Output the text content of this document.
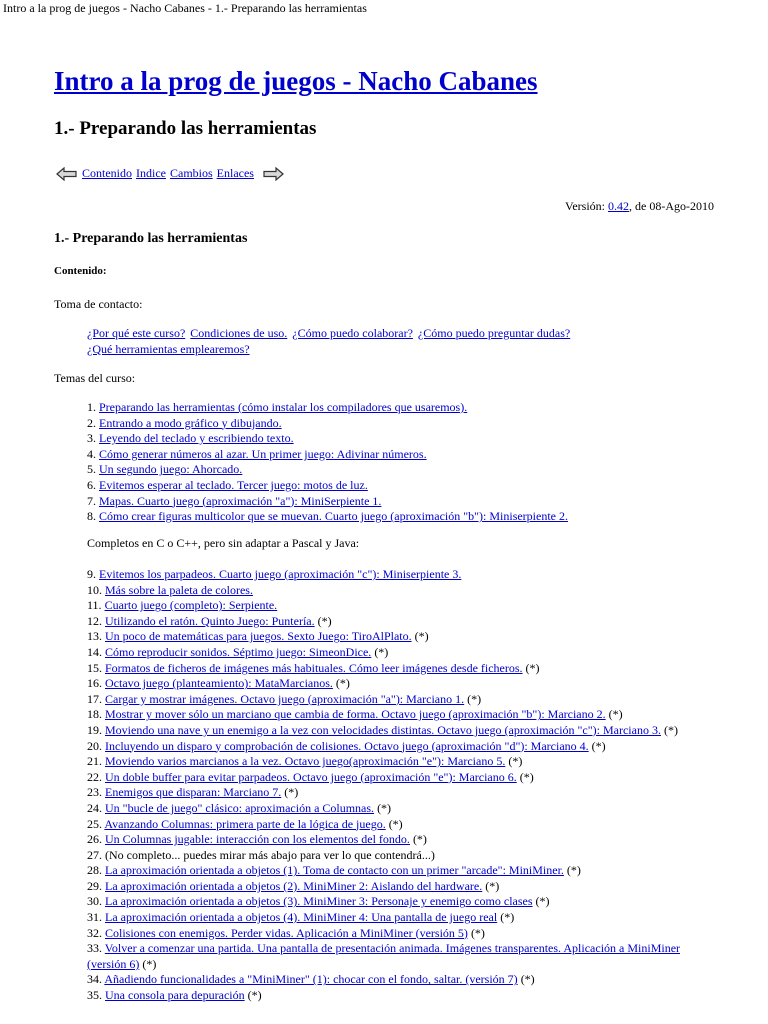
Intro a la prog de juegos - Nacho Cabanes - 1.- Preparando las herramientas
Intro a la prog de juegos - Nacho Cabanes
1.- Preparando las herramientas
Contenido Indice Cambios Enlaces
Versión: 0.42, de 08-Ago-2010
1.- Preparando las herramientas
Contenido:
Toma de contacto:
¿Por qué este curso? Condiciones de uso. ¿Cómo puedo colaborar? ¿Cómo puedo preguntar dudas?
¿Qué herramientas emplearemos?
Temas del curso:
1. Preparando las herramientas (cómo instalar los compiladores que usaremos).
2. Entrando a modo gráfico y dibujando.
3. Leyendo del teclado y escribiendo texto.
4. Cómo generar números al azar. Un primer juego: Adivinar números.
5. Un segundo juego: Ahorcado.
6. Evitemos esperar al teclado. Tercer juego: motos de luz.
7. Mapas. Cuarto juego (aproximación "a"): MiniSerpiente 1.
8. Cómo crear figuras multicolor que se muevan. Cuarto juego (aproximación "b"): Miniserpiente 2.
Completos en C o C++, pero sin adaptar a Pascal y Java:
9. Evitemos los parpadeos. Cuarto juego (aproximación "c"): Miniserpiente 3.
10. Más sobre la paleta de colores.
11. Cuarto juego (completo): Serpiente.
12. Utilizando el ratón. Quinto Juego: Puntería. (*)
13. Un poco de matemáticas para juegos. Sexto Juego: TiroAlPlato. (*)
14. Cómo reproducir sonidos. Séptimo juego: SimeonDice. (*)
15. Formatos de ficheros de imágenes más habituales. Cómo leer imágenes desde ficheros. (*)
16. Octavo juego (planteamiento): MataMarcianos. (*)
17. Cargar y mostrar imágenes. Octavo juego (aproximación "a"): Marciano 1. (*)
18. Mostrar y mover sólo un marciano que cambia de forma. Octavo juego (aproximación "b"): Marciano 2. (*)
19. Moviendo una nave y un enemigo a la vez con velocidades distintas. Octavo juego (aproximación "c"): Marciano 3. (*)
20. Incluyendo un disparo y comprobación de colisiones. Octavo juego (aproximación "d"): Marciano 4. (*)
21. Moviendo varios marcianos a la vez. Octavo juego(aproximación "e"): Marciano 5. (*)
22. Un doble buffer para evitar parpadeos. Octavo juego (aproximación "e"): Marciano 6. (*)
23. Enemigos que disparan: Marciano 7. (*)
24. Un "bucle de juego" clásico: aproximación a Columnas. (*)
25. Avanzando Columnas: primera parte de la lógica de juego. (*)
26. Un Columnas jugable: interacción con los elementos del fondo. (*)
27. (No completo... puedes mirar más abajo para ver lo que contendrá...)
28. La aproximación orientada a objetos (1). Toma de contacto con un primer "arcade": MiniMiner. (*)
29. La aproximación orientada a objetos (2). MiniMiner 2: Aislando del hardware. (*)
30. La aproximación orientada a objetos (3). MiniMiner 3: Personaje y enemigo como clases (*)
31. La aproximación orientada a objetos (4). MiniMiner 4: Una pantalla de juego real (*)
32. Colisiones con enemigos. Perder vidas. Aplicación a MiniMiner (versión 5) (*)
33. Volver a comenzar una partida. Una pantalla de presentación animada. Imágenes transparentes. Aplicación a MiniMiner (versión 6) (*)
34. Añadiendo funcionalidades a "MiniMiner" (1): chocar con el fondo, saltar. (versión 7) (*)
35. Una consola para depuración (*)
